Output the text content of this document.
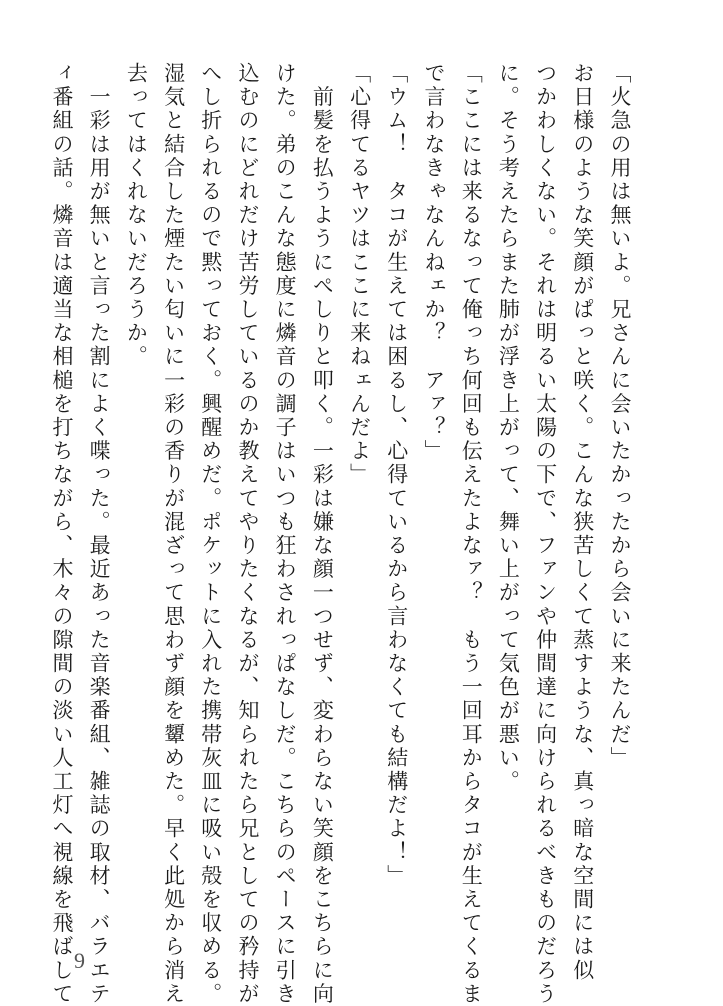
「火急の用は無いよ。兄さんに会いたかったから会いに来たんだ」
お日様のような笑顔がぱっと咲く。こんな狭苦しくて蒸すような、真っ暗な空間には似
つかわしくない。それは明るい太陽の下で、ファンや仲間達に向けられるべきものだろう
に。そう考えたらまた肺が浮き上がって、舞い上がって気色が悪い。
「ここには来るなって俺っち何回も伝えたよなァ？　もう一回耳からタコが生えてくるま
で言わなきゃなんねェか？　アァ？」
「ウム！　タコが生えては困るし、心得ているから言わなくても結構だよ！」
「心得てるヤツはここに来ねェんだよ」
　前髪を払うようにぺしりと叩く。一彩は嫌な顔一つせず、変わらない笑顔をこちらに向
けた。弟のこんな態度に燐音の調子はいつも狂わされっぱなしだ。こちらのペースに引き
込むのにどれだけ苦労しているのか教えてやりたくなるが、知られたら兄としての矜持が
へし折られるので黙っておく。興醒めだ。ポケットに入れた携帯灰皿に吸い殻を収める。
湿気と結合した煙たい匂いに一彩の香りが混ざって思わず顔を顰めた。早く此処から消え
去ってはくれないだろうか。
　一彩は用が無いと言った割によく喋った。最近あった音楽番組、雑誌の取材、バラエテ
ィ番組の話。燐音は適当な相槌を打ちながら、木々の隙間の淡い人工灯へ視線を飛ばして 9
